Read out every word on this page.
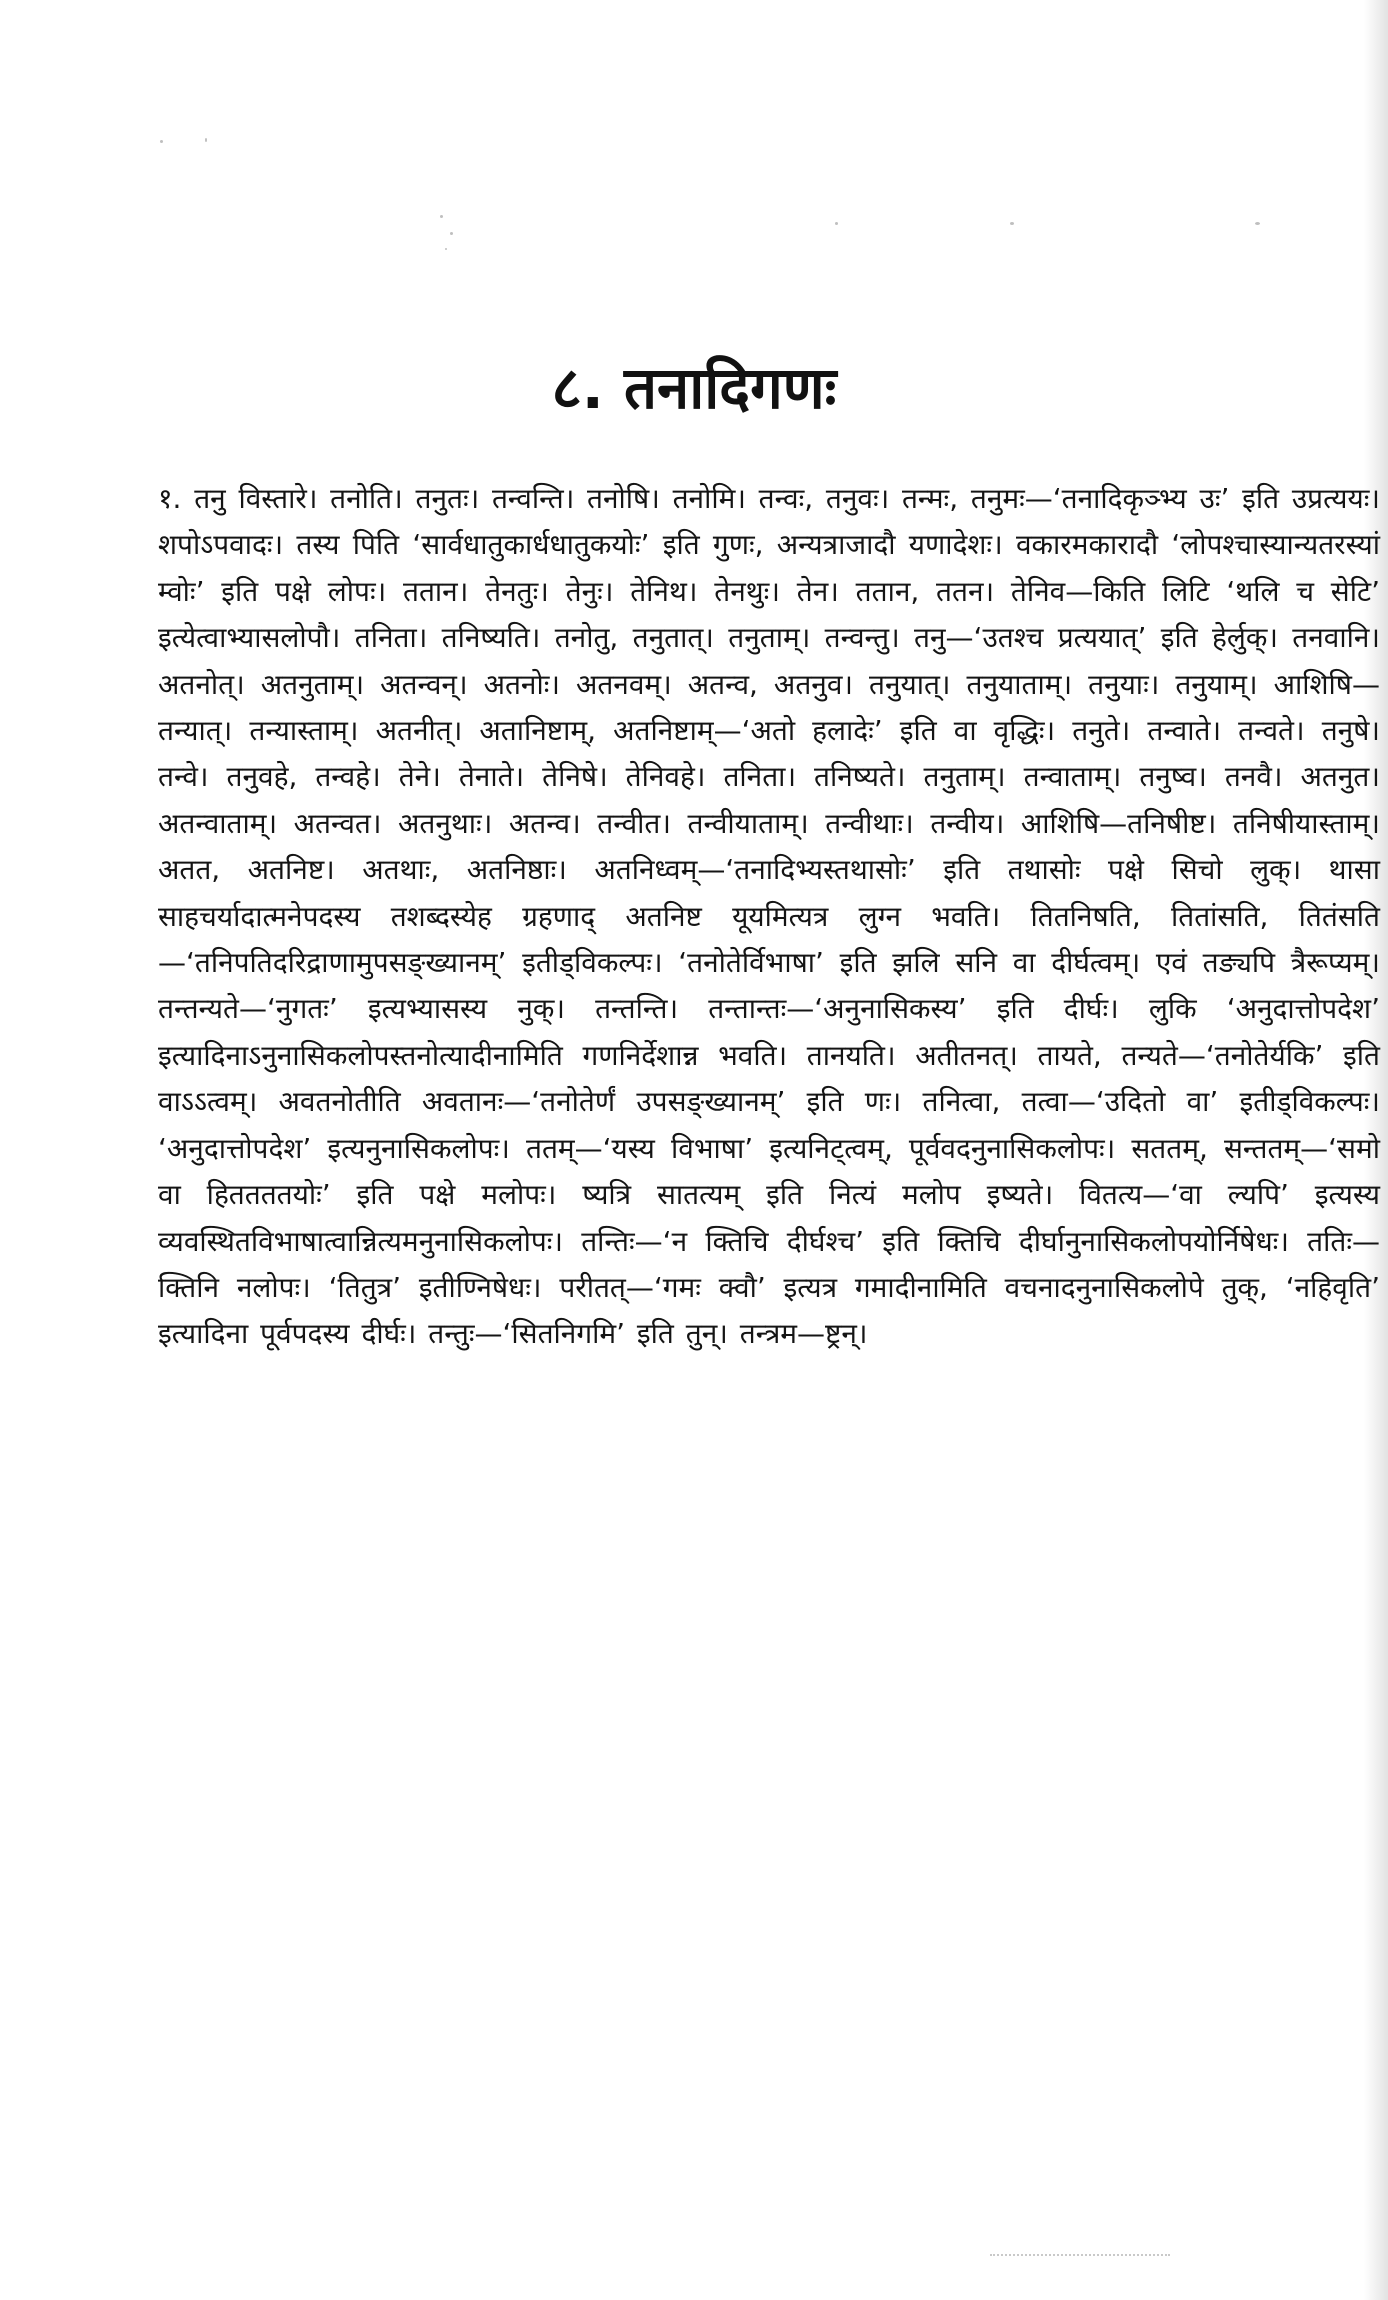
८. तनादिगणः

१. तनु विस्तारे। तनोति। तनुतः। तन्वन्ति। तनोषि। तनोमि। तन्वः, तनुवः। तन्मः, तनुमः—‘तनादिकृञ्भ्य उः’ इति उप्रत्ययः। शपोऽपवादः। तस्य पिति ‘सार्वधातुकार्धधातुकयोः’ इति गुणः, अन्यत्राजादौ यणादेशः। वकारमकारादौ ‘लोपश्चास्यान्यतरस्यां म्वोः’ इति पक्षे लोपः। ततान। तेनतुः। तेनुः। तेनिथ। तेनथुः। तेन। ततान, ततन। तेनिव—किति लिटि ‘थलि च सेटि’ इत्येत्वाभ्यासलोपौ। तनिता। तनिष्यति। तनोतु, तनुतात्। तनुताम्। तन्वन्तु। तनु—‘उतश्च प्रत्ययात्’ इति हेर्लुक्। तनवानि। अतनोत्। अतनुताम्। अतन्वन्। अतनोः। अतनवम्। अतन्व, अतनुव। तनुयात्। तनुयाताम्। तनुयाः। तनुयाम्। आशिषि—तन्यात्। तन्यास्ताम्। अतनीत्। अतानिष्टाम्, अतनिष्टाम्—‘अतो हलादेः’ इति वा वृद्धिः। तनुते। तन्वाते। तन्वते। तनुषे। तन्वे। तनुवहे, तन्वहे। तेने। तेनाते। तेनिषे। तेनिवहे। तनिता। तनिष्यते। तनुताम्। तन्वाताम्। तनुष्व। तनवै। अतनुत। अतन्वाताम्। अतन्वत। अतनुथाः। अतन्व। तन्वीत। तन्वीयाताम्। तन्वीथाः। तन्वीय। आशिषि—तनिषीष्ट। तनिषीयास्ताम्। अतत, अतनिष्ट। अतथाः, अतनिष्ठाः। अतनिध्वम्—‘तनादिभ्यस्तथासोः’ इति तथासोः पक्षे सिचो लुक्। थासा साहचर्यादात्मनेपदस्य तशब्दस्येह ग्रहणाद् अतनिष्ट यूयमित्यत्र लुग्न भवति। तितनिषति, तितांसति, तितंसति—‘तनिपतिदरिद्राणामुपसङ्ख्यानम्’ इतीड्विकल्पः। ‘तनोतेर्विभाषा’ इति झलि सनि वा दीर्घत्वम्। एवं तङ्यपि त्रैरूप्यम्। तन्तन्यते—‘नुगतः’ इत्यभ्यासस्य नुक्। तन्तन्ति। तन्तान्तः—‘अनुनासिकस्य’ इति दीर्घः। लुकि ‘अनुदात्तोपदेश’ इत्यादिनाऽनुनासिकलोपस्तनोत्यादीनामिति गणनिर्देशान्न भवति। तानयति। अतीतनत्। तायते, तन्यते—‘तनोतेर्यकि’ इति वाऽऽत्वम्। अवतनोतीति अवतानः—‘तनोतेर्णं उपसङ्ख्यानम्’ इति णः। तनित्वा, तत्वा—‘उदितो वा’ इतीड्विकल्पः। ‘अनुदात्तोपदेश’ इत्यनुनासिकलोपः। ततम्—‘यस्य विभाषा’ इत्यनिट्त्वम्, पूर्ववदनुनासिकलोपः। सततम्, सन्ततम्—‘समो वा हिततततयोः’ इति पक्षे मलोपः। ष्यत्रि सातत्यम् इति नित्यं मलोप इष्यते। वितत्य—‘वा ल्यपि’ इत्यस्य व्यवस्थितविभाषात्वान्नित्यमनुनासिकलोपः। तन्तिः—‘न क्तिचि दीर्घश्च’ इति क्तिचि दीर्घानुनासिकलोपयोर्निषेधः। ततिः—क्तिनि नलोपः। ‘तितुत्र’ इतीण्निषेधः। परीतत्—‘गमः क्वौ’ इत्यत्र गमादीनामिति वचनादनुनासिकलोपे तुक्, ‘नहिवृति’ इत्यादिना पूर्वपदस्य दीर्घः। तन्तुः—‘सितनिगमि’ इति तुन्। तन्त्रम—ष्ट्रन्।
